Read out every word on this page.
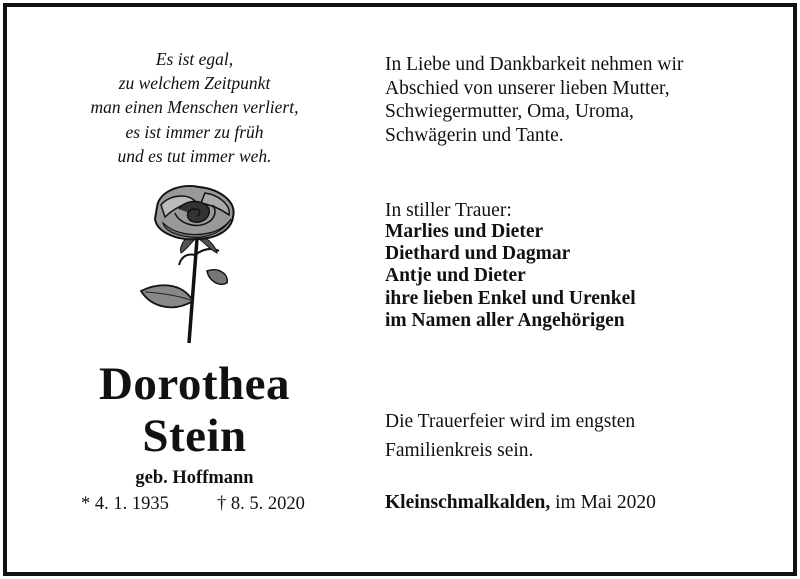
Es ist egal,
zu welchem Zeitpunkt
man einen Menschen verliert,
es ist immer zu früh
und es tut immer weh.
Dorothea
Stein
geb. Hoffmann
* 4. 1. 1935	† 8. 5. 2020
In Liebe und Dankbarkeit nehmen wir
Abschied von unserer lieben Mutter,
Schwiegermutter, Oma, Uroma,
Schwägerin und Tante.
In stiller Trauer:
Marlies und Dieter
Diethard und Dagmar
Antje und Dieter
ihre lieben Enkel und Urenkel
im Namen aller Angehörigen
Die Trauerfeier wird im engsten
Familienkreis sein.
Kleinschmalkalden, im Mai 2020
